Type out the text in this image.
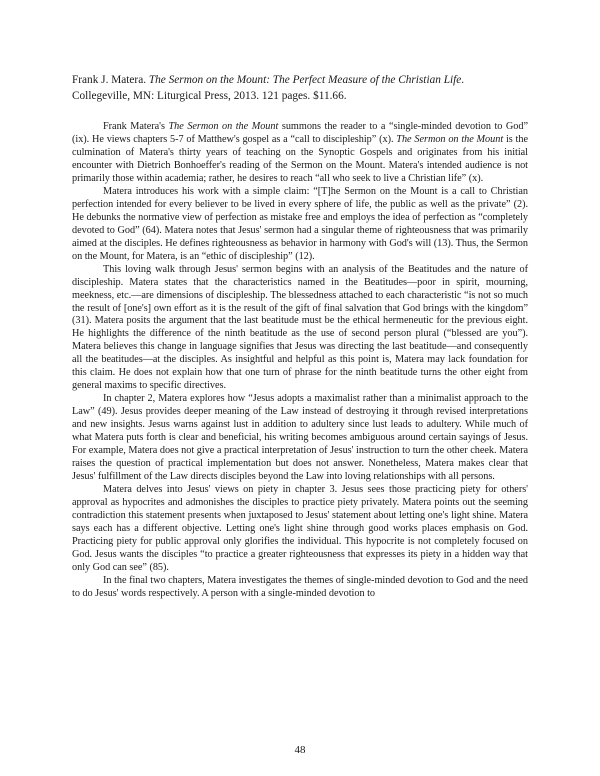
Frank J. Matera. The Sermon on the Mount: The Perfect Measure of the Christian Life.
Collegeville, MN: Liturgical Press, 2013. 121 pages. $11.66.

Frank Matera's The Sermon on the Mount summons the reader to a “single-minded devotion to God” (ix). He views chapters 5-7 of Matthew's gospel as a “call to discipleship” (x). The Sermon on the Mount is the culmination of Matera's thirty years of teaching on the Synoptic Gospels and originates from his initial encounter with Dietrich Bonhoeffer's reading of the Sermon on the Mount. Matera's intended audience is not primarily those within academia; rather, he desires to reach “all who seek to live a Christian life” (x).

Matera introduces his work with a simple claim: “[T]he Sermon on the Mount is a call to Christian perfection intended for every believer to be lived in every sphere of life, the public as well as the private” (2). He debunks the normative view of perfection as mistake free and employs the idea of perfection as “completely devoted to God” (64). Matera notes that Jesus' sermon had a singular theme of righteousness that was primarily aimed at the disciples. He defines righteousness as behavior in harmony with God's will (13). Thus, the Sermon on the Mount, for Matera, is an “ethic of discipleship” (12).

This loving walk through Jesus' sermon begins with an analysis of the Beatitudes and the nature of discipleship. Matera states that the characteristics named in the Beatitudes—poor in spirit, mourning, meekness, etc.—are dimensions of discipleship. The blessedness attached to each characteristic “is not so much the result of [one's] own effort as it is the result of the gift of final salvation that God brings with the kingdom” (31). Matera posits the argument that the last beatitude must be the ethical hermeneutic for the previous eight. He highlights the difference of the ninth beatitude as the use of second person plural (“blessed are you”). Matera believes this change in language signifies that Jesus was directing the last beatitude—and consequently all the beatitudes—at the disciples. As insightful and helpful as this point is, Matera may lack foundation for this claim. He does not explain how that one turn of phrase for the ninth beatitude turns the other eight from general maxims to specific directives.

In chapter 2, Matera explores how “Jesus adopts a maximalist rather than a minimalist approach to the Law” (49). Jesus provides deeper meaning of the Law instead of destroying it through revised interpretations and new insights. Jesus warns against lust in addition to adultery since lust leads to adultery. While much of what Matera puts forth is clear and beneficial, his writing becomes ambiguous around certain sayings of Jesus. For example, Matera does not give a practical interpretation of Jesus' instruction to turn the other cheek. Matera raises the question of practical implementation but does not answer. Nonetheless, Matera makes clear that Jesus' fulfillment of the Law directs disciples beyond the Law into loving relationships with all persons.

Matera delves into Jesus' views on piety in chapter 3. Jesus sees those practicing piety for others' approval as hypocrites and admonishes the disciples to practice piety privately. Matera points out the seeming contradiction this statement presents when juxtaposed to Jesus' statement about letting one's light shine. Matera says each has a different objective. Letting one's light shine through good works places emphasis on God. Practicing piety for public approval only glorifies the individual. This hypocrite is not completely focused on God. Jesus wants the disciples “to practice a greater righteousness that expresses its piety in a hidden way that only God can see” (85).

In the final two chapters, Matera investigates the themes of single-minded devotion to God and the need to do Jesus' words respectively. A person with a single-minded devotion to

48
